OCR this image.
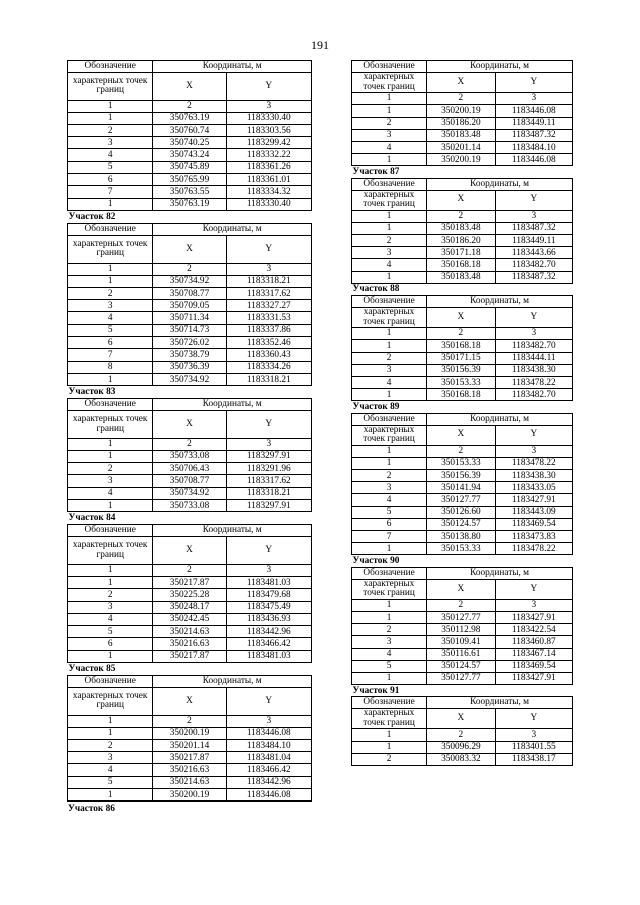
191
Обозначение	Координаты, м	
характерных точек границ	X	Y
1	2	3
1	350763.19	1183330.40
2	350760.74	1183303.56
3	350740.25	1183299.42
4	350743.24	1183332.22
5	350745.89	1183361.26
6	350765.99	1183361.01
7	350763.55	1183334.32
1	350763.19	1183330.40
Участок 82		
Обозначение	Координаты, м	
характерных точек границ	X	Y
1	2	3
1	350734.92	1183318.21
2	350708.77	1183317.62
3	350709.05	1183327.27
4	350711.34	1183331.53
5	350714.73	1183337.86
6	350726.02	1183352.46
7	350738.79	1183360.43
8	350736.39	1183334.26
1	350734.92	1183318.21
Участок 83		
Обозначение	Координаты, м	
характерных точек границ	X	Y
1	2	3
1	350733.08	1183297.91
2	350706.43	1183291.96
3	350708.77	1183317.62
4	350734.92	1183318.21
1	350733.08	1183297.91
Участок 84		
Обозначение	Координаты, м	
характерных точек границ	X	Y
1	2	3
1	350217.87	1183481.03
2	350225.28	1183479.68
3	350248.17	1183475.49
4	350242.45	1183436.93
5	350214.63	1183442.96
6	350216.63	1183466.42
1	350217.87	1183481.03
Участок 85		
Обозначение	Координаты, м	
характерных точек границ	X	Y
1	2	3
1	350200.19	1183446.08
2	350201.14	1183484.10
3	350217.87	1183481.04
4	350216.63	1183466.42
5	350214.63	1183442.96
1	350200.19	1183446.08
Участок 86
Обозначение	Координаты, м	
характерных точек границ	X	Y
1	2	3
1	350200.19	1183446.08
2	350186.20	1183449.11
3	350183.48	1183487.32
4	350201.14	1183484.10
1	350200.19	1183446.08
Участок 87		
Обозначение	Координаты, м	
характерных точек границ	X	Y
1	2	3
1	350183.48	1183487.32
2	350186.20	1183449.11
3	350171.18	1183443.66
4	350168.18	1183482.70
1	350183.48	1183487.32
Участок 88		
Обозначение	Координаты, м	
характерных точек границ	X	Y
1	2	3
1	350168.18	1183482.70
2	350171.15	1183444.11
3	350156.39	1183438.30
4	350153.33	1183478.22
1	350168.18	1183482.70
Участок 89		
Обозначение	Координаты, м	
характерных точек границ	X	Y
1	2	3
1	350153.33	1183478.22
2	350156.39	1183438.30
3	350141.94	1183433.05
4	350127.77	1183427.91
5	350126.60	1183443.09
6	350124.57	1183469.54
7	350138.80	1183473.83
1	350153.33	1183478.22
Участок 90		
Обозначение	Координаты, м	
характерных точек границ	X	Y
1	2	3
1	350127.77	1183427.91
2	350112.98	1183422.54
3	350109.41	1183460.87
4	350116.61	1183467.14
5	350124.57	1183469.54
1	350127.77	1183427.91
Участок 91		
Обозначение	Координаты, м	
характерных точек границ	X	Y
1	2	3
1	350096.29	1183401.55
2	350083.32	1183438.17
